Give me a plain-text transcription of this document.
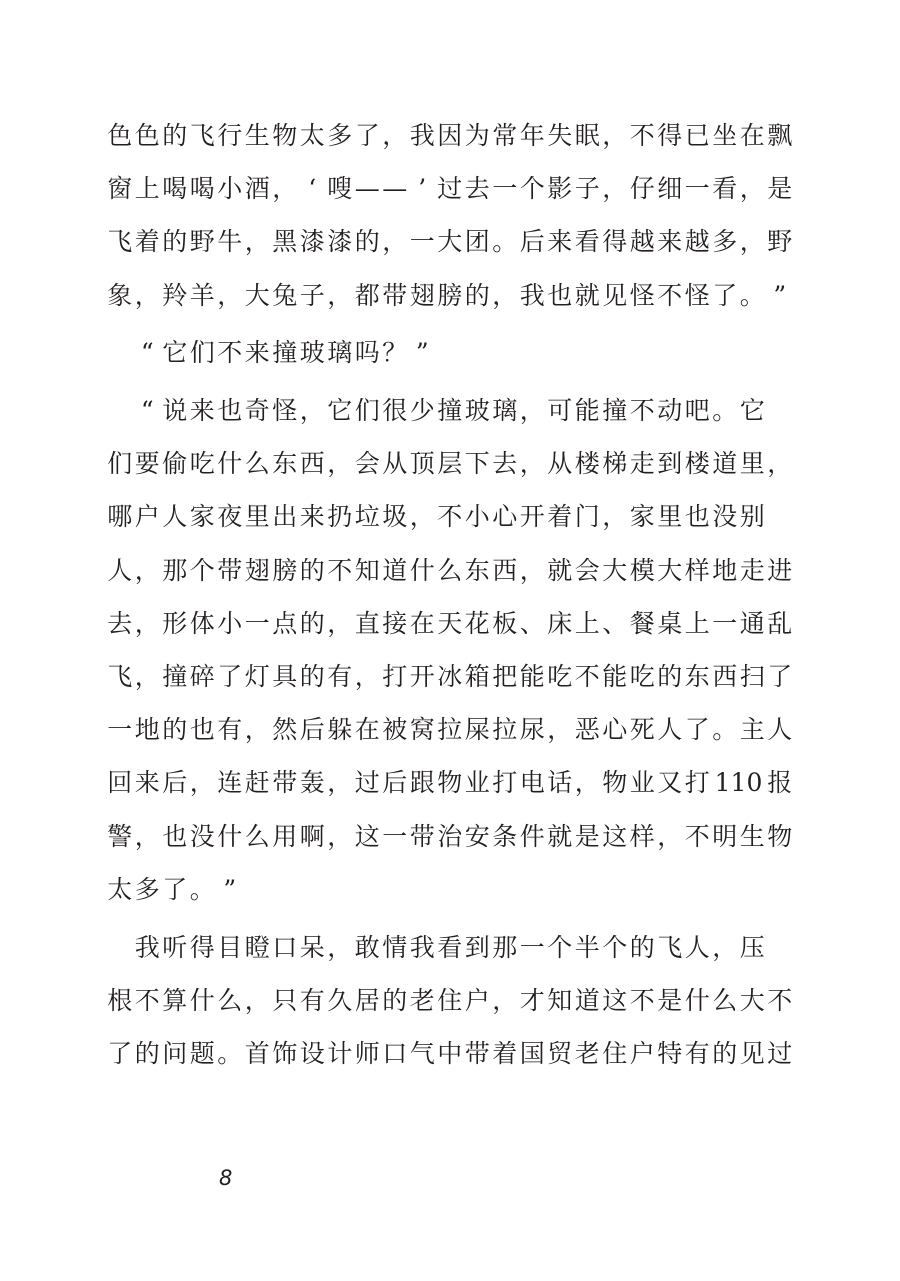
色色的飞行生物太多了，我因为常年失眠，不得已坐在飘
窗上喝喝小酒， ‘ 嗖 — — ’ 过去一个影子，仔细一看，是
飞着的野牛，黑漆漆的，一大团。后来看得越来越多，野
象，羚羊，大兔子，都带翅膀的，我也就见怪不怪了。 ”
“ 它们不来撞玻璃吗？ ”
“ 说来也奇怪，它们很少撞玻璃，可能撞不动吧。它
们要偷吃什么东西，会从顶层下去，从楼梯走到楼道里，
哪户人家夜里出来扔垃圾，不小心开着门，家里也没别
人，那个带翅膀的不知道什么东西，就会大模大样地走进
去，形体小一点的，直接在天花板、床上、餐桌上一通乱
飞，撞碎了灯具的有，打开冰箱把能吃不能吃的东西扫了
一地的也有，然后躲在被窝拉屎拉尿，恶心死人了。主人
回来后，连赶带轰，过后跟物业打电话，物业又打 110 报
警，也没什么用啊，这一带治安条件就是这样，不明生物
太多了。 ”
我听得目瞪口呆，敢情我看到那一个半个的飞人，压
根不算什么，只有久居的老住户，才知道这不是什么大不
了的问题。首饰设计师口气中带着国贸老住户特有的见过
8
